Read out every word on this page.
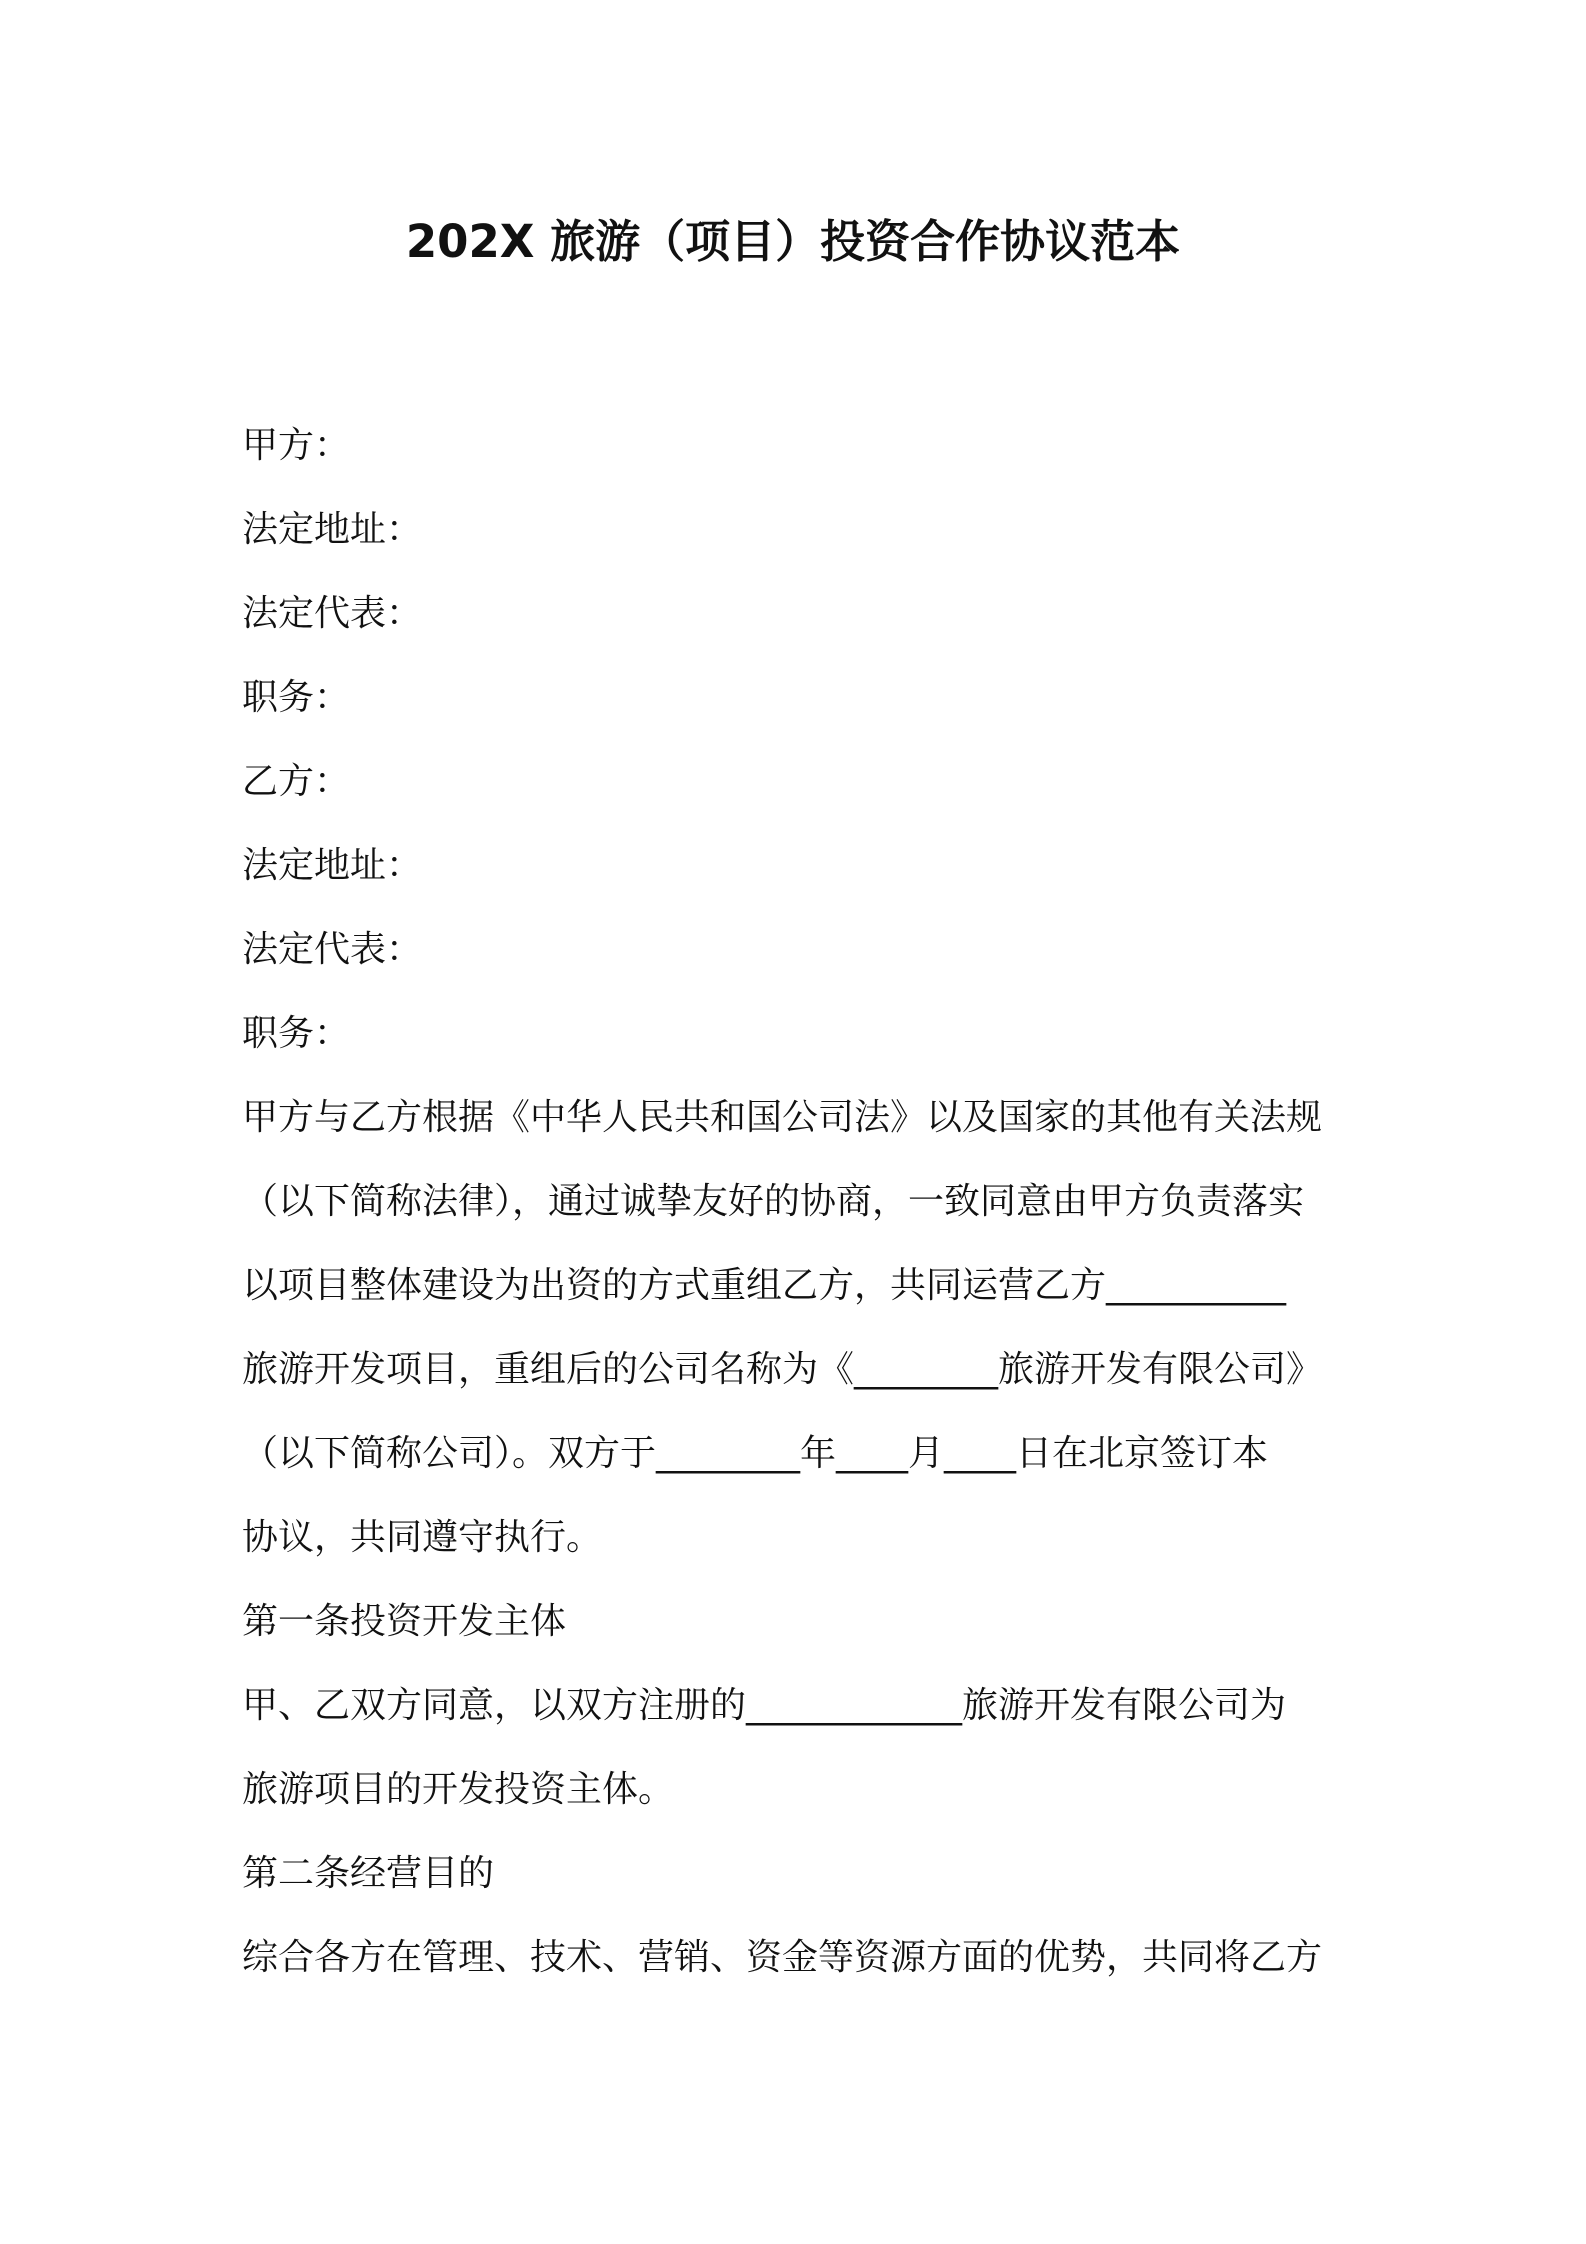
202X 旅游（项目）投资合作协议范本
甲方：
法定地址：
法定代表：
职务：
乙方：
法定地址：
法定代表：
职务：
甲方与乙方根据《中华人民共和国公司法》以及国家的其他有关法规
（以下简称法律），通过诚挚友好的协商，一致同意由甲方负责落实
以项目整体建设为出资的方式重组乙方，共同运营乙方__________
旅游开发项目，重组后的公司名称为《________旅游开发有限公司》
（以下简称公司）。双方于________年____月____日在北京签订本
协议，共同遵守执行。
第一条投资开发主体
甲、乙双方同意，以双方注册的____________旅游开发有限公司为
旅游项目的开发投资主体。
第二条经营目的
综合各方在管理、技术、营销、资金等资源方面的优势，共同将乙方
